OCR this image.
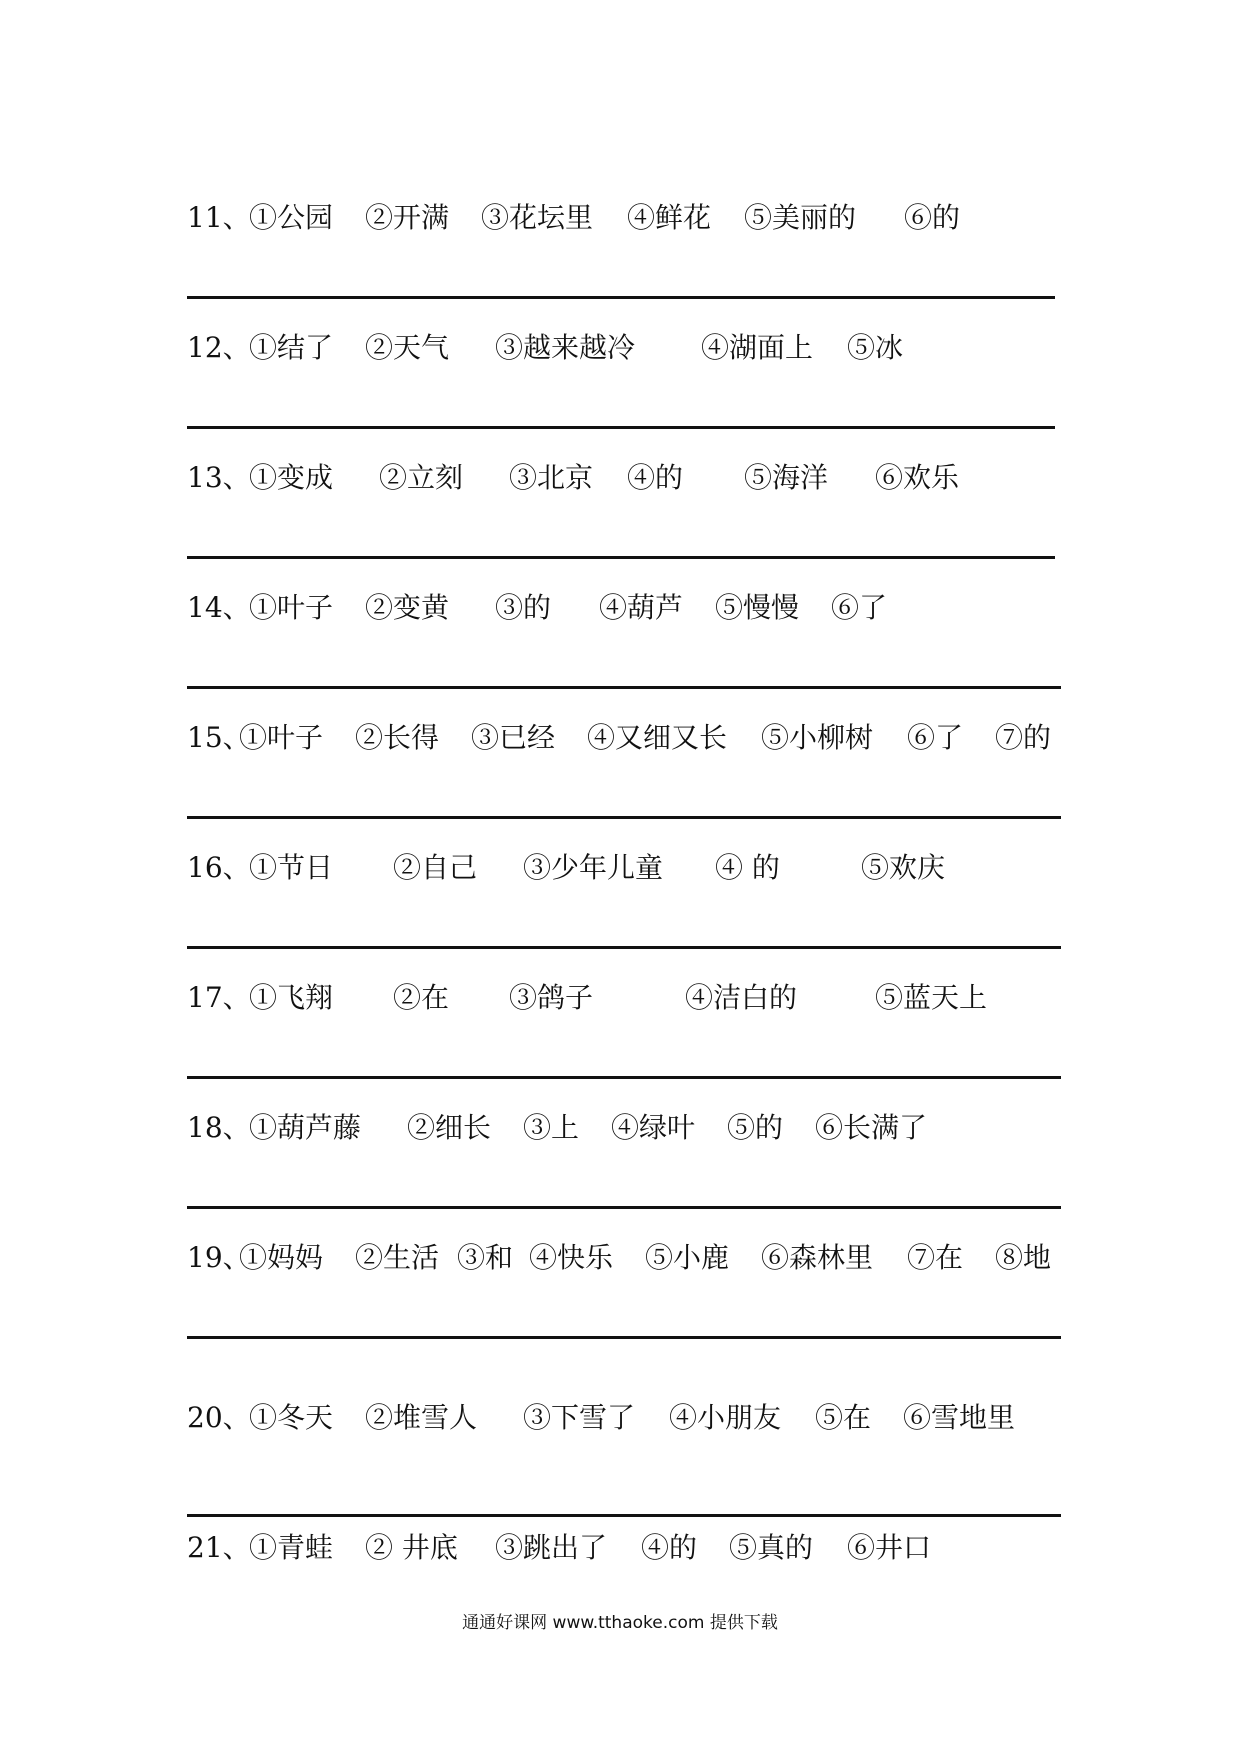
11、
①公园 ②开满 ③花坛里 ④鲜花 ⑤美丽的 ⑥的
12、
①结了 ②天气 ③越来越冷 ④湖面上 ⑤冰
13、
①变成 ②立刻 ③北京 ④的 ⑤海洋 ⑥欢乐
14、
①叶子 ②变黄 ③的 ④葫芦 ⑤慢慢 ⑥了
15、
①叶子 ②长得 ③已经 ④又细又长 ⑤小柳树 ⑥了 ⑦的
16、
①节日 ②自己 ③少年儿童 ④ 的	⑤欢庆
17、
①飞翔 ②在 ③鸽子	④洁白的	⑤蓝天上
18、
①葫芦藤 ②细长 ③上 ④绿叶 ⑤的 ⑥长满了
19、
①妈妈 ②生活 ③和 ④快乐 ⑤小鹿 ⑥森林里 ⑦在 ⑧地
20、
①冬天 ②堆雪人 ③下雪了 ④小朋友 ⑤在 ⑥雪地里
21、
①青蛙 ② 井底 ③跳出了 ④的 ⑤真的 ⑥井口
通通好课网 www.tthaoke.com 提供下载
